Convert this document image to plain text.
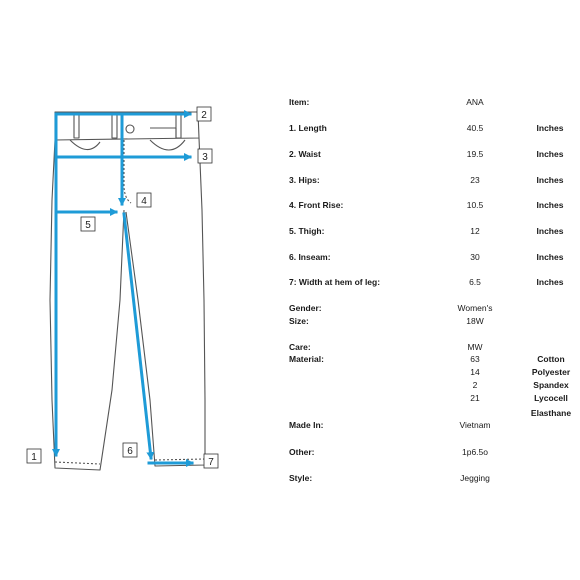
1
2
3
4
5
6
7
Item:	ANA
1. Length	40.5	Inches
2. Waist	19.5	Inches
3. Hips:	23	Inches
4. Front Rise:	10.5	Inches
5. Thigh:	12	Inches
6. Inseam:	30	Inches
7: Width at hem of leg:	6.5	Inches
Gender:	Women's
Size:	18W
Care:	MW
Material:	63	Cotton
14	Polyester
2	Spandex
21	Lycocell
Elasthane
Made In:	Vietnam
Other:	1p6.5o
Style:	Jegging
